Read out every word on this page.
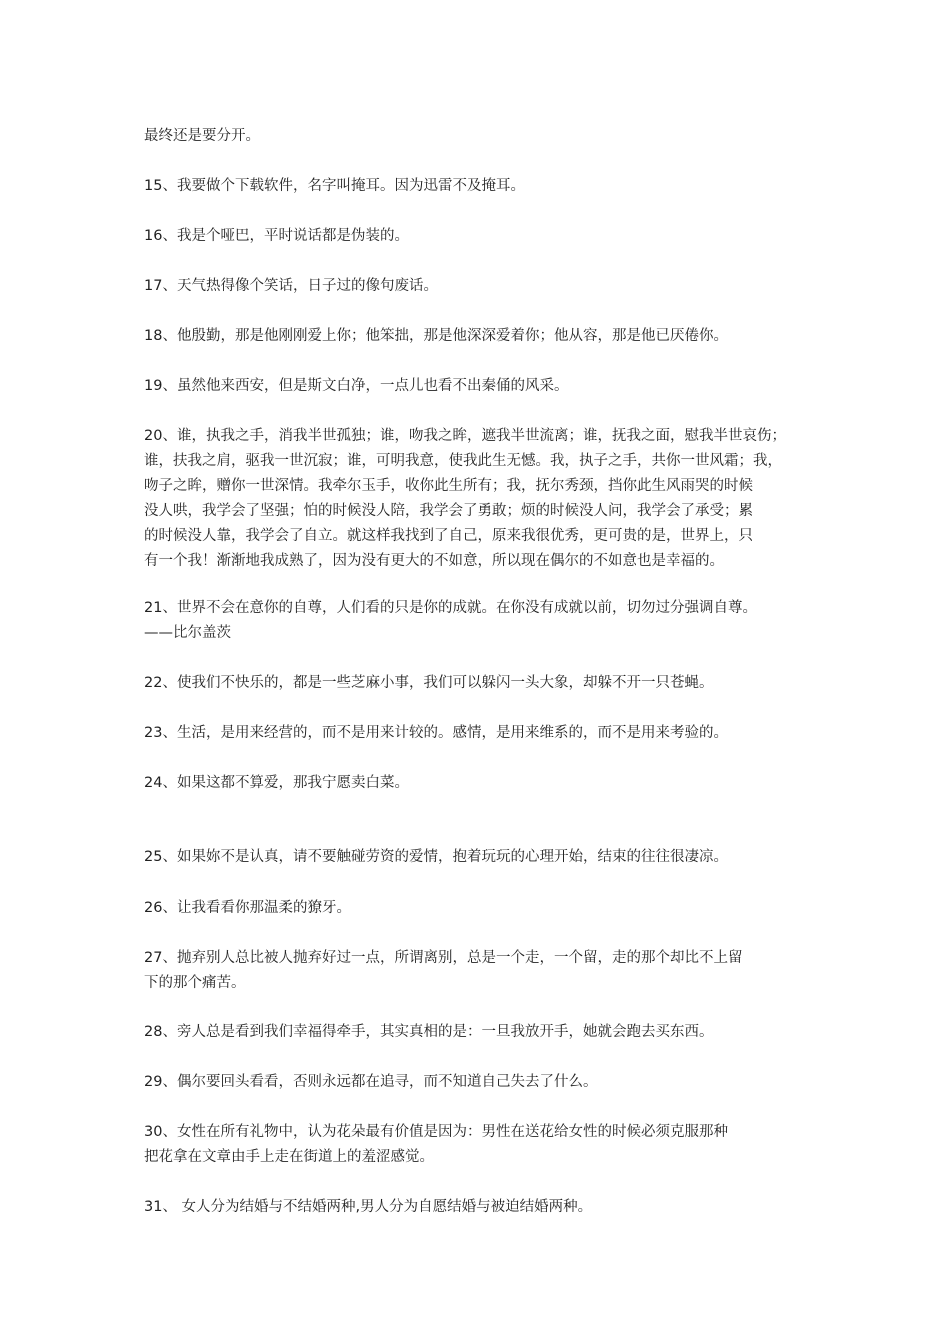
最终还是要分开。

15、我要做个下载软件，名字叫掩耳。因为迅雷不及掩耳。

16、我是个哑巴，平时说话都是伪装的。

17、天气热得像个笑话，日子过的像句废话。

18、他殷勤，那是他刚刚爱上你；他笨拙，那是他深深爱着你；他从容，那是他已厌倦你。

19、虽然他来西安，但是斯文白净，一点儿也看不出秦俑的风采。

20、谁，执我之手，消我半世孤独；谁，吻我之眸，遮我半世流离；谁，抚我之面，慰我半世哀伤；
谁，扶我之肩，驱我一世沉寂；谁，可明我意，使我此生无憾。我，执子之手，共你一世风霜；我，
吻子之眸，赠你一世深情。我牵尔玉手，收你此生所有；我，抚尔秀颈，挡你此生风雨哭的时候
没人哄，我学会了坚强；怕的时候没人陪，我学会了勇敢；烦的时候没人问，我学会了承受；累
的时候没人靠，我学会了自立。就这样我找到了自己，原来我很优秀，更可贵的是，世界上，只
有一个我！渐渐地我成熟了，因为没有更大的不如意，所以现在偶尔的不如意也是幸福的。

21、世界不会在意你的自尊，人们看的只是你的成就。在你没有成就以前，切勿过分强调自尊。
——比尔盖茨

22、使我们不快乐的，都是一些芝麻小事，我们可以躲闪一头大象，却躲不开一只苍蝇。

23、生活，是用来经营的，而不是用来计较的。感情，是用来维系的，而不是用来考验的。

24、如果这都不算爱，那我宁愿卖白菜。

25、如果妳不是认真，请不要触碰劳资的爱情，抱着玩玩的心理开始，结束的往往很凄凉。

26、让我看看你那温柔的獠牙。

27、抛弃别人总比被人抛弃好过一点，所谓离别，总是一个走，一个留，走的那个却比不上留
下的那个痛苦。

28、旁人总是看到我们幸福得牵手，其实真相的是：一旦我放开手，她就会跑去买东西。

29、偶尔要回头看看，否则永远都在追寻，而不知道自己失去了什么。

30、女性在所有礼物中，认为花朵最有价值是因为：男性在送花给女性的时候必须克服那种
把花拿在文章由手上走在街道上的羞涩感觉。

31、 女人分为结婚与不结婚两种,男人分为自愿结婚与被迫结婚两种。
